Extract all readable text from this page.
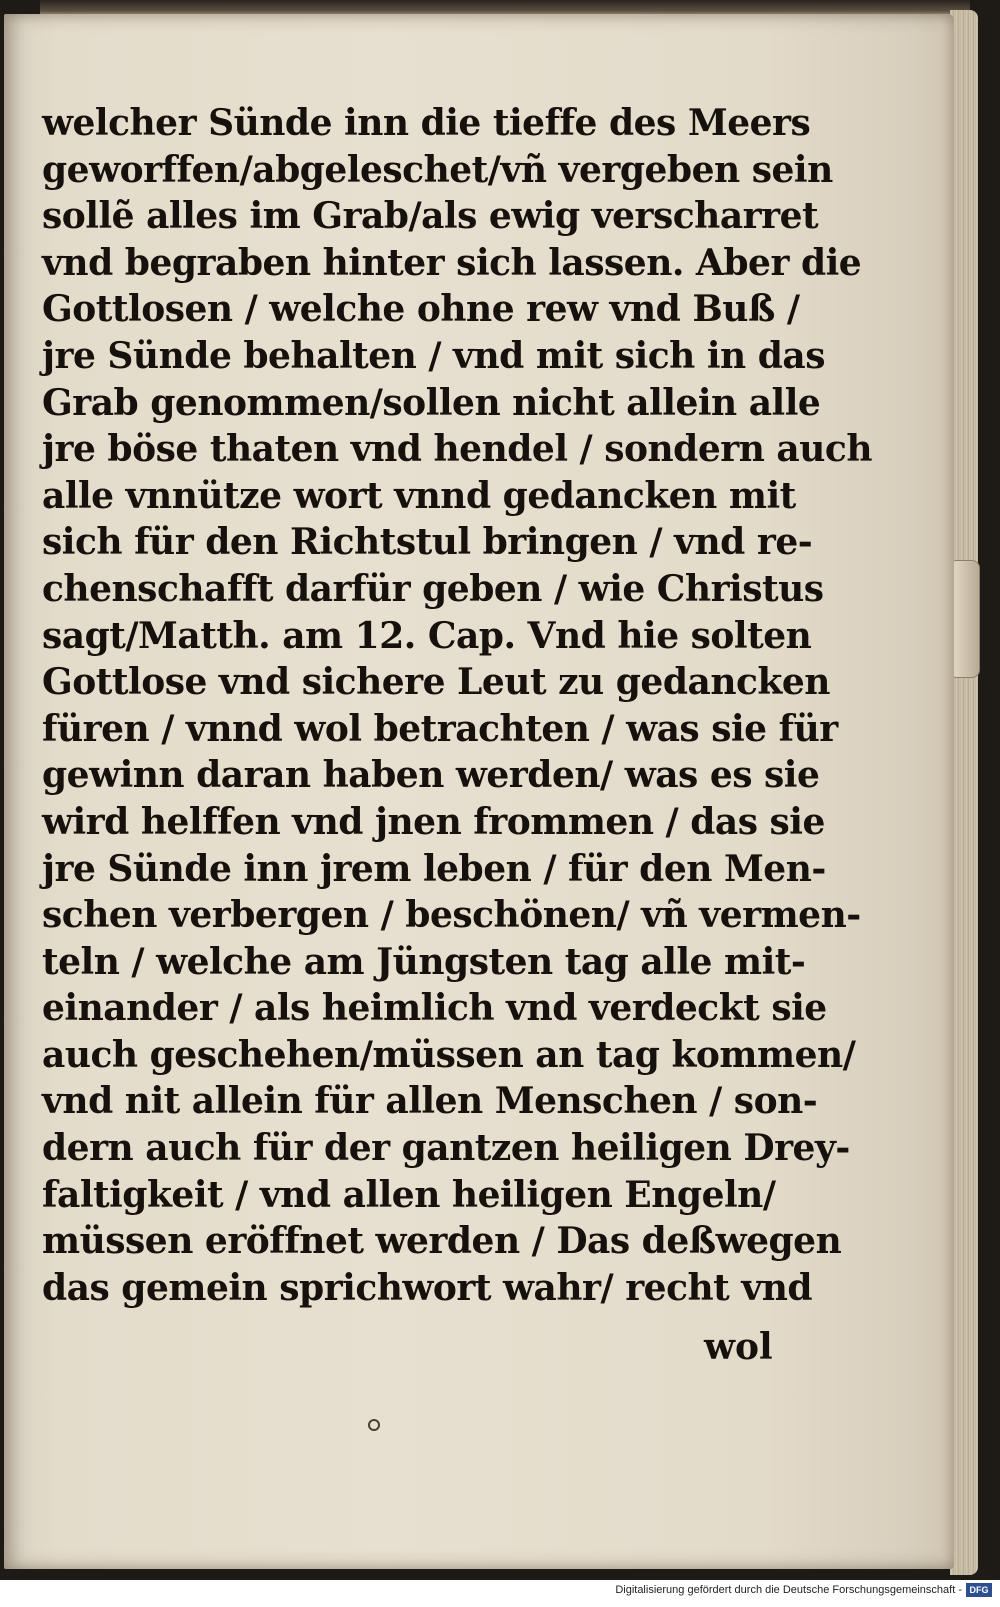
welcher Sünde inn die tieffe des Meers
geworffen/abgeleschet/vñ vergeben sein
sollẽ alles im Grab/als ewig verscharret
vnd begraben hinter sich lassen. Aber die
Gottlosen / welche ohne rew vnd Buß /
jre Sünde behalten / vnd mit sich in das
Grab genommen/sollen nicht allein alle
jre böse thaten vnd hendel / sondern auch
alle vnnütze wort vnnd gedancken mit
sich für den Richtstul bringen / vnd re-
chenschafft darfür geben / wie Christus
sagt/Matth. am 12. Cap. Vnd hie solten
Gottlose vnd sichere Leut zu gedancken
füren / vnnd wol betrachten / was sie für
gewinn daran haben werden/ was es sie
wird helffen vnd jnen frommen / das sie
jre Sünde inn jrem leben / für den Men-
schen verbergen / beschönen/ vñ vermen-
teln / welche am Jüngsten tag alle mit-
einander / als heimlich vnd verdeckt sie
auch geschehen/müssen an tag kommen/
vnd nit allein für allen Menschen / son-
dern auch für der gantzen heiligen Drey-
faltigkeit / vnd allen heiligen Engeln/
müssen eröffnet werden / Das deßwegen
das gemein sprichwort wahr/ recht vnd
wol
Digitalisierung gefördert durch die Deutsche Forschungsgemeinschaft - DFG
